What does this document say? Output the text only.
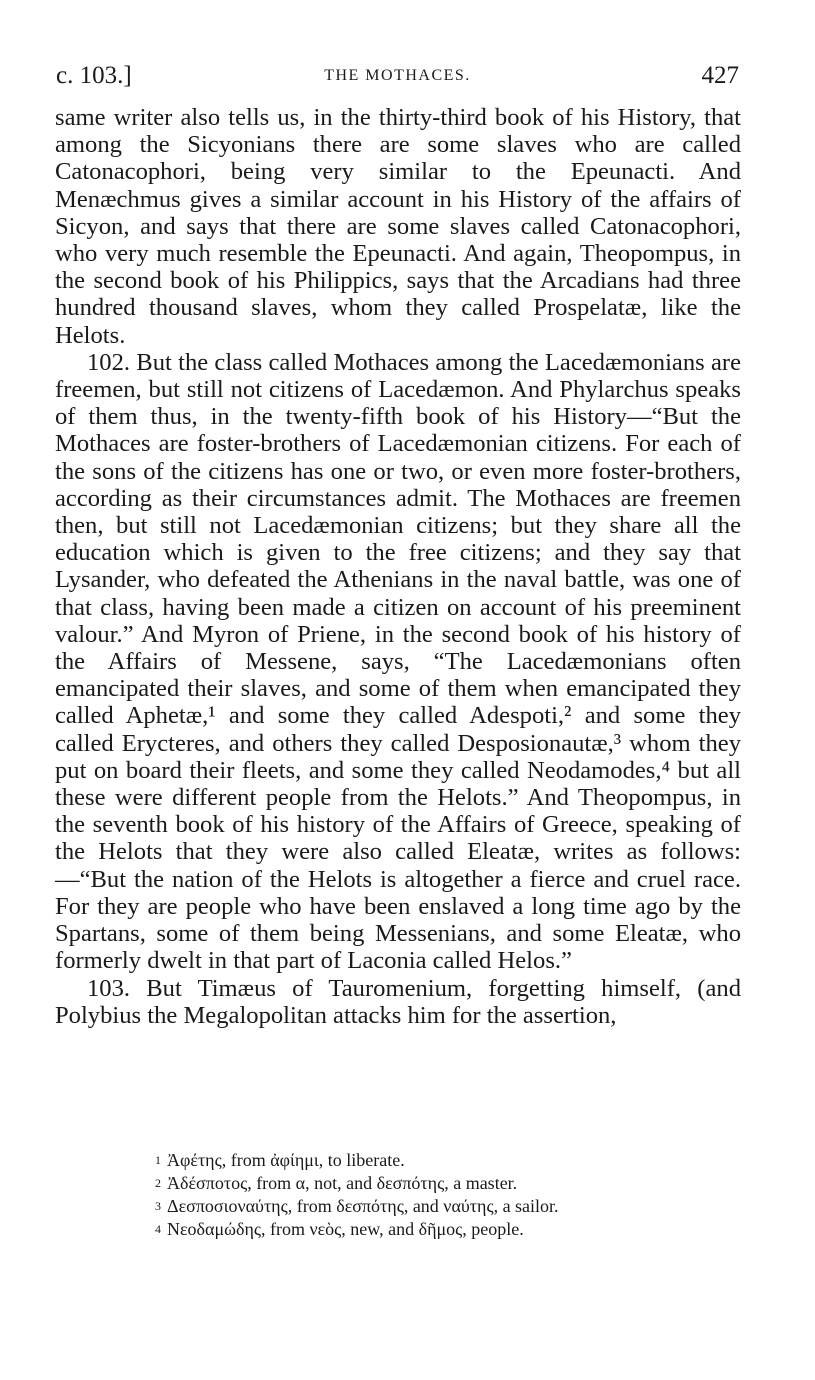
c. 103.]	THE MOTHACES.	427

same writer also tells us, in the thirty-third book of his History, that among the Sicyonians there are some slaves who are called Catonacophori, being very similar to the Epeunacti. And Menæchmus gives a similar account in his History of the affairs of Sicyon, and says that there are some slaves called Catonacophori, who very much resemble the Epeunacti. And again, Theopompus, in the second book of his Philippics, says that the Arcadians had three hundred thousand slaves, whom they called Prospelatæ, like the Helots.

102. But the class called Mothaces among the Lacedæmonians are freemen, but still not citizens of Lacedæmon. And Phylarchus speaks of them thus, in the twenty-fifth book of his History—“But the Mothaces are foster-brothers of Lacedæmonian citizens. For each of the sons of the citizens has one or two, or even more foster-brothers, according as their circumstances admit. The Mothaces are freemen then, but still not Lacedæmonian citizens; but they share all the education which is given to the free citizens; and they say that Lysander, who defeated the Athenians in the naval battle, was one of that class, having been made a citizen on account of his preeminent valour.” And Myron of Priene, in the second book of his history of the Affairs of Messene, says, “The Lacedæmonians often emancipated their slaves, and some of them when emancipated they called Aphetæ,¹ and some they called Adespoti,² and some they called Erycteres, and others they called Desposionautæ,³ whom they put on board their fleets, and some they called Neodamodes,⁴ but all these were different people from the Helots.” And Theopompus, in the seventh book of his history of the Affairs of Greece, speaking of the Helots that they were also called Eleatæ, writes as follows:—“But the nation of the Helots is altogether a fierce and cruel race. For they are people who have been enslaved a long time ago by the Spartans, some of them being Messenians, and some Eleatæ, who formerly dwelt in that part of Laconia called Helos.”

103. But Timæus of Tauromenium, forgetting himself, (and Polybius the Megalopolitan attacks him for the assertion,

1 Ἀφέτης, from ἀφίημι, to liberate.
2 Ἀδέσποτος, from α, not, and δεσπότης, a master.
3 Δεσποσιοναύτης, from δεσπότης, and ναύτης, a sailor.
4 Νεοδαμώδης, from νεὸς, new, and δῆμος, people.
